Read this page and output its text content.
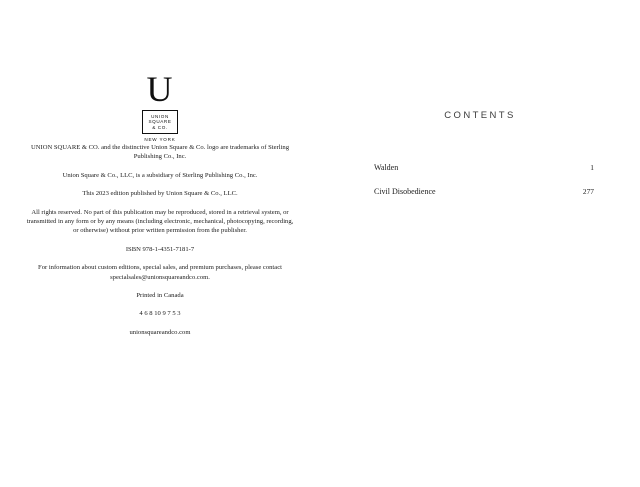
U
UNION
SQUARE
& CO.
NEW YORK

UNION SQUARE & CO. and the distinctive Union Square & Co. logo are trademarks of Sterling Publishing Co., Inc.

Union Square & Co., LLC, is a subsidiary of Sterling Publishing Co., Inc.

This 2023 edition published by Union Square & Co., LLC.

All rights reserved. No part of this publication may be reproduced, stored in a retrieval system, or transmitted in any form or by any means (including electronic, mechanical, photocopying, recording, or otherwise) without prior written permission from the publisher.

ISBN 978-1-4351-7181-7

For information about custom editions, special sales, and premium purchases, please contact specialsales@unionsquareandco.com.

Printed in Canada

4 6 8 10 9 7 5 3

unionsquareandco.com

CONTENTS
Walden	1
Civil Disobedience	277
